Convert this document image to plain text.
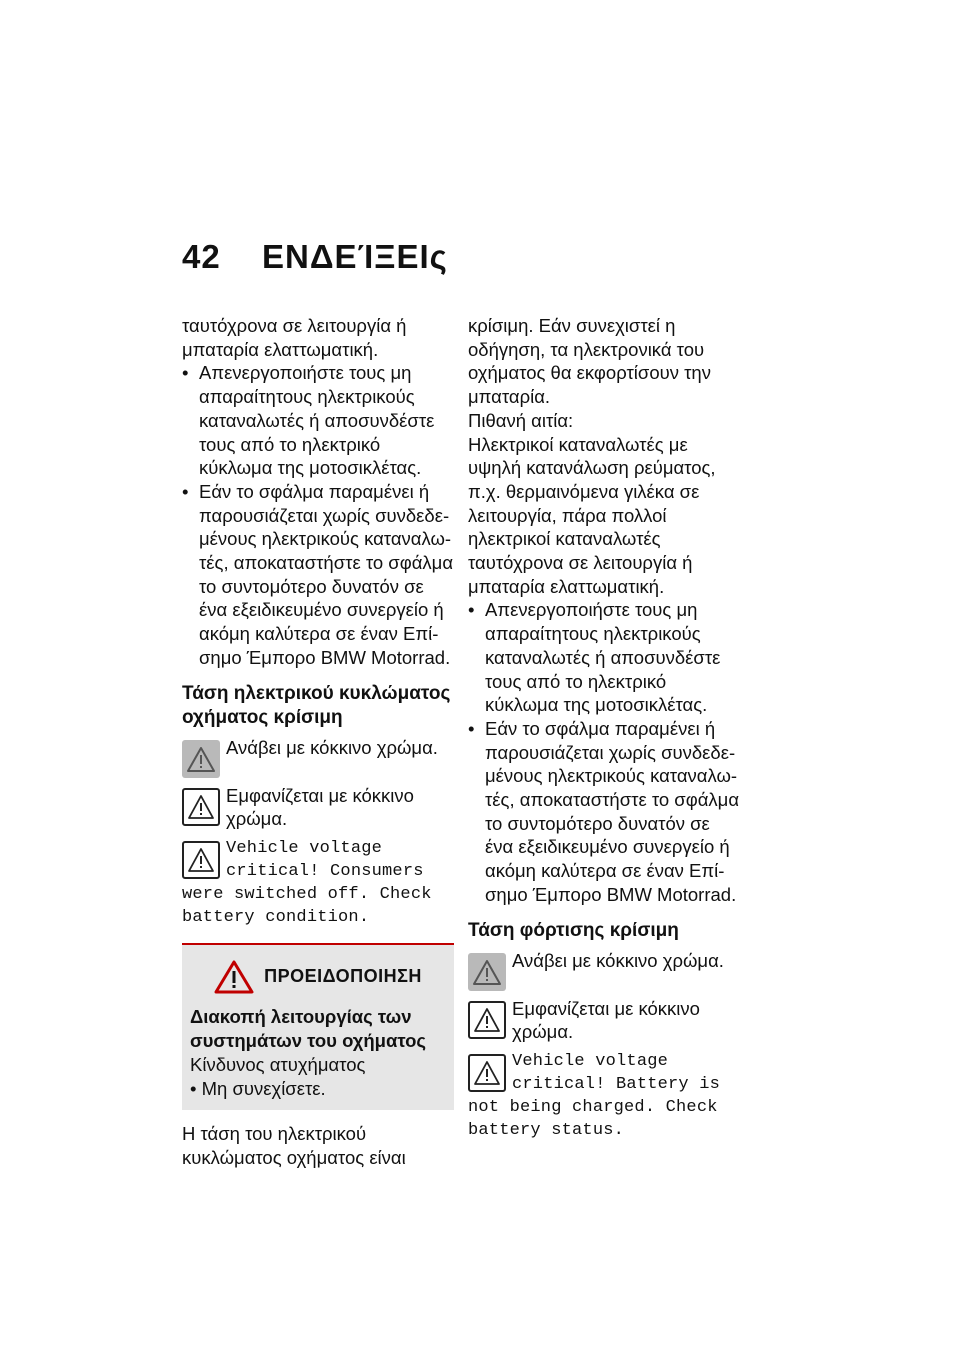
42 ΕΝΔΕΊΞΕΙς

ταυτόχρονα σε λειτουργία ή μπαταρία ελαττωματική.

• Απενεργοποιήστε τους μη απαραίτητους ηλεκτρικούς καταναλωτές ή αποσυνδέστε τους από το ηλεκτρικό κύκλωμα της μοτοσικλέτας.
• Εάν το σφάλμα παραμένει ή παρουσιάζεται χωρίς συνδεδεμένους ηλεκτρικούς καταναλωτές, αποκαταστήστε το σφάλμα το συντομότερο δυνατόν σε ένα εξειδικευμένο συνεργείο ή ακόμη καλύτερα σε έναν Επίσημο Έμπορο BMW Motorrad.
Τάση ηλεκτρικού κυκλώματος οχήματος κρίσιμη
Ανάβει με κόκκινο χρώμα.
Εμφανίζεται με κόκκινο χρώμα.
Vehicle voltage
critical! Consumers
were switched off. Check battery condition.
ΠΡΟΕΙΔΟΠΟΙΗΣΗ
Διακοπή λειτουργίας των συστημάτων του οχήματος
Κίνδυνος ατυχήματος
• Μη συνεχίσετε.

Η τάση του ηλεκτρικού κυκλώματος οχήματος είναι

κρίσιμη. Εάν συνεχιστεί η οδήγηση, τα ηλεκτρονικά του οχήματος θα εκφορτίσουν την μπαταρία.

Πιθανή αιτία:

Ηλεκτρικοί καταναλωτές με υψηλή κατανάλωση ρεύματος, π.χ. θερμαινόμενα γιλέκα σε λειτουργία, πάρα πολλοί ηλεκτρικοί καταναλωτές ταυτόχρονα σε λειτουργία ή μπαταρία ελαττωματική.

• Απενεργοποιήστε τους μη απαραίτητους ηλεκτρικούς καταναλωτές ή αποσυνδέστε τους από το ηλεκτρικό κύκλωμα της μοτοσικλέτας.
• Εάν το σφάλμα παραμένει ή παρουσιάζεται χωρίς συνδεδεμένους ηλεκτρικούς καταναλωτές, αποκαταστήστε το σφάλμα το συντομότερο δυνατόν σε ένα εξειδικευμένο συνεργείο ή ακόμη καλύτερα σε έναν Επίσημο Έμπορο BMW Motorrad.
Τάση φόρτισης κρίσιμη
Ανάβει με κόκκινο χρώμα.
Εμφανίζεται με κόκκινο χρώμα.
Vehicle voltage
critical! Battery is
not being charged. Check battery status.
